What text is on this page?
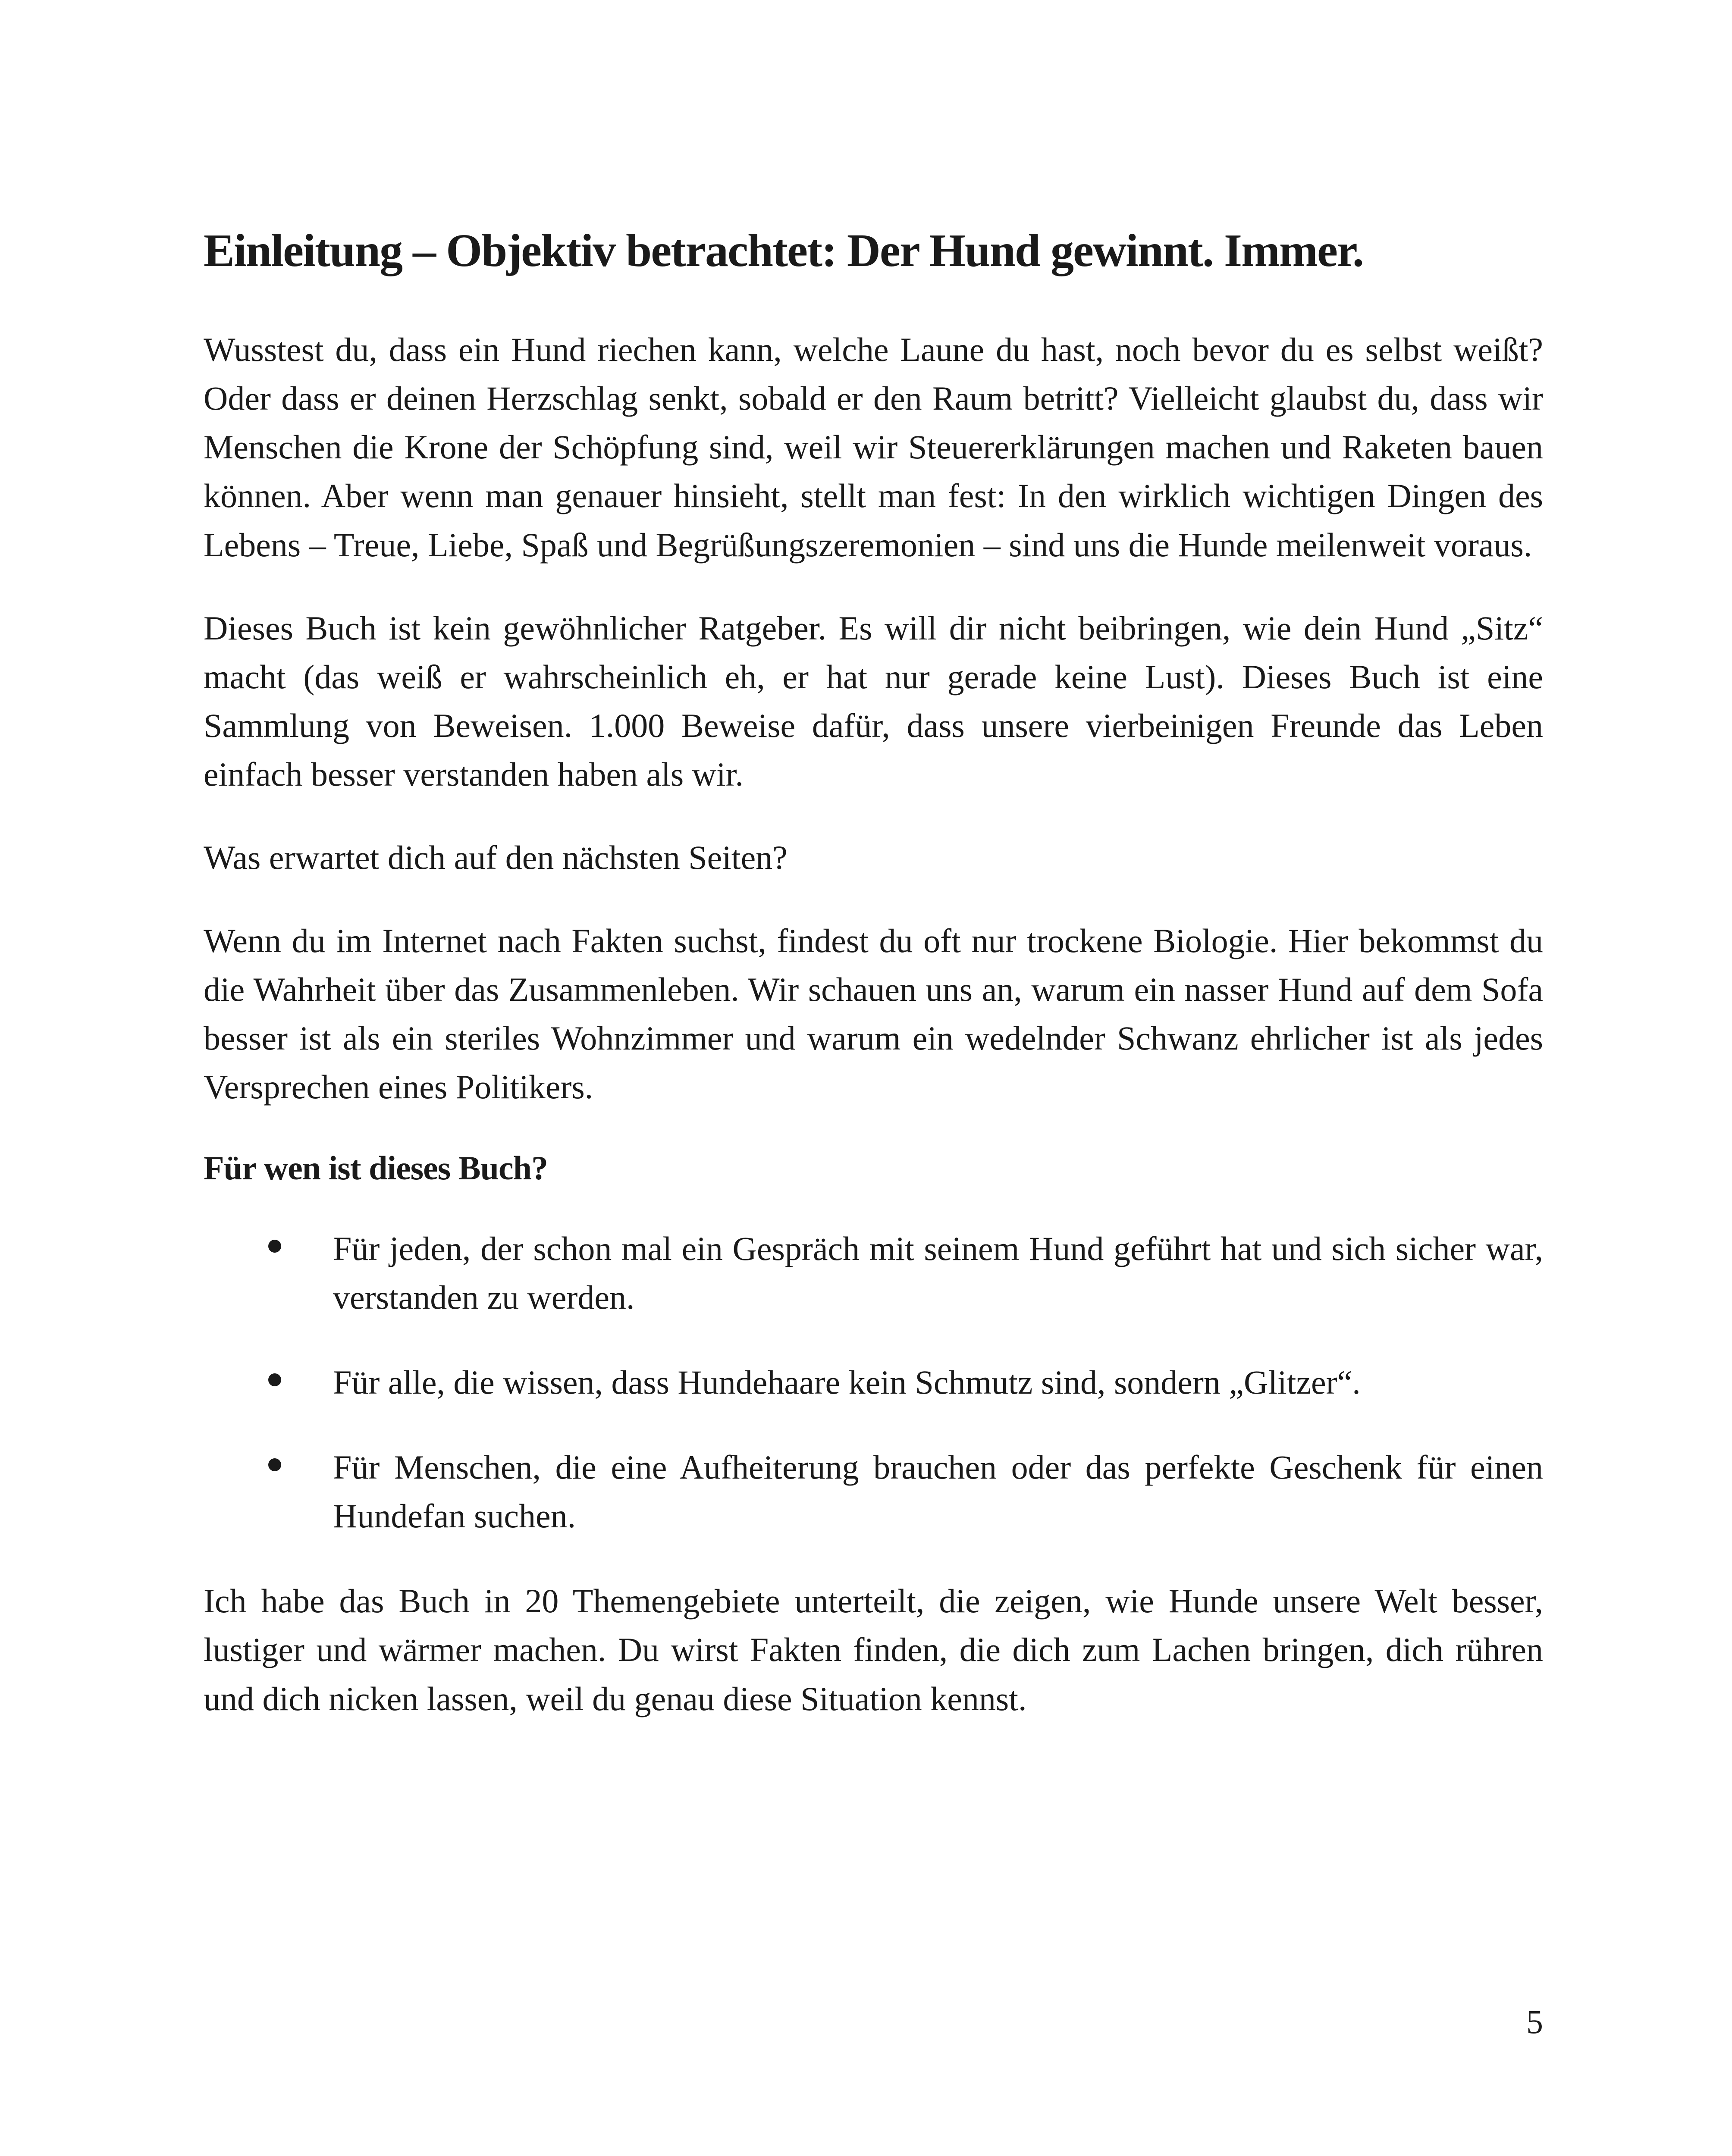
Einleitung – Objektiv betrachtet: Der Hund gewinnt. Immer.

Wusstest du, dass ein Hund riechen kann, welche Laune du hast, noch bevor du es selbst weißt? Oder dass er deinen Herzschlag senkt, sobald er den Raum betritt? Vielleicht glaubst du, dass wir Menschen die Krone der Schöpfung sind, weil wir Steuererklärungen machen und Raketen bauen können. Aber wenn man genauer hinsieht, stellt man fest: In den wirklich wichtigen Dingen des Lebens – Treue, Liebe, Spaß und Begrüßungszeremonien – sind uns die Hunde meilenweit voraus.

Dieses Buch ist kein gewöhnlicher Ratgeber. Es will dir nicht beibringen, wie dein Hund „Sitz“ macht (das weiß er wahrscheinlich eh, er hat nur gerade keine Lust). Dieses Buch ist eine Sammlung von Beweisen. 1.000 Beweise dafür, dass unsere vierbeinigen Freunde das Leben einfach besser verstanden haben als wir.

Was erwartet dich auf den nächsten Seiten?

Wenn du im Internet nach Fakten suchst, findest du oft nur trockene Biologie. Hier bekommst du die Wahrheit über das Zusammenleben. Wir schauen uns an, warum ein nasser Hund auf dem Sofa besser ist als ein steriles Wohnzimmer und warum ein wedelnder Schwanz ehrlicher ist als jedes Versprechen eines Politikers.

Für wen ist dieses Buch?
Für jeden, der schon mal ein Gespräch mit seinem Hund geführt hat und sich sicher war, verstanden zu werden.
Für alle, die wissen, dass Hundehaare kein Schmutz sind, sondern „Glitzer“.
Für Menschen, die eine Aufheiterung brauchen oder das perfekte Geschenk für einen Hundefan suchen.

Ich habe das Buch in 20 Themengebiete unterteilt, die zeigen, wie Hunde unsere Welt besser, lustiger und wärmer machen. Du wirst Fakten finden, die dich zum Lachen bringen, dich rühren und dich nicken lassen, weil du genau diese Situation kennst.

5
